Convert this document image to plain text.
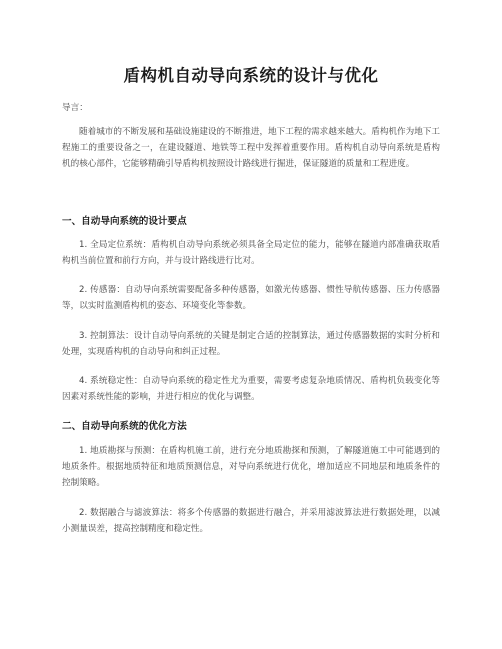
盾构机自动导向系统的设计与优化

导言：

随着城市的不断发展和基础设施建设的不断推进，地下工程的需求越来越大。盾构机作为地下工程施工的重要设备之一，在建设隧道、地铁等工程中发挥着重要作用。盾构机自动导向系统是盾构机的核心部件，它能够精确引导盾构机按照设计路线进行掘进，保证隧道的质量和工程进度。

一、自动导向系统的设计要点

1. 全局定位系统：盾构机自动导向系统必须具备全局定位的能力，能够在隧道内部准确获取盾构机当前位置和前行方向，并与设计路线进行比对。

2. 传感器：自动导向系统需要配备多种传感器，如激光传感器、惯性导航传感器、压力传感器等，以实时监测盾构机的姿态、环境变化等参数。

3. 控制算法：设计自动导向系统的关键是制定合适的控制算法，通过传感器数据的实时分析和处理，实现盾构机的自动导向和纠正过程。

4. 系统稳定性：自动导向系统的稳定性尤为重要，需要考虑复杂地质情况、盾构机负载变化等因素对系统性能的影响，并进行相应的优化与调整。

二、自动导向系统的优化方法

1. 地质勘探与预测：在盾构机施工前，进行充分地质勘探和预测，了解隧道施工中可能遇到的地质条件。根据地质特征和地质预测信息，对导向系统进行优化，增加适应不同地层和地质条件的控制策略。

2. 数据融合与滤波算法：将多个传感器的数据进行融合，并采用滤波算法进行数据处理，以减小测量误差，提高控制精度和稳定性。
